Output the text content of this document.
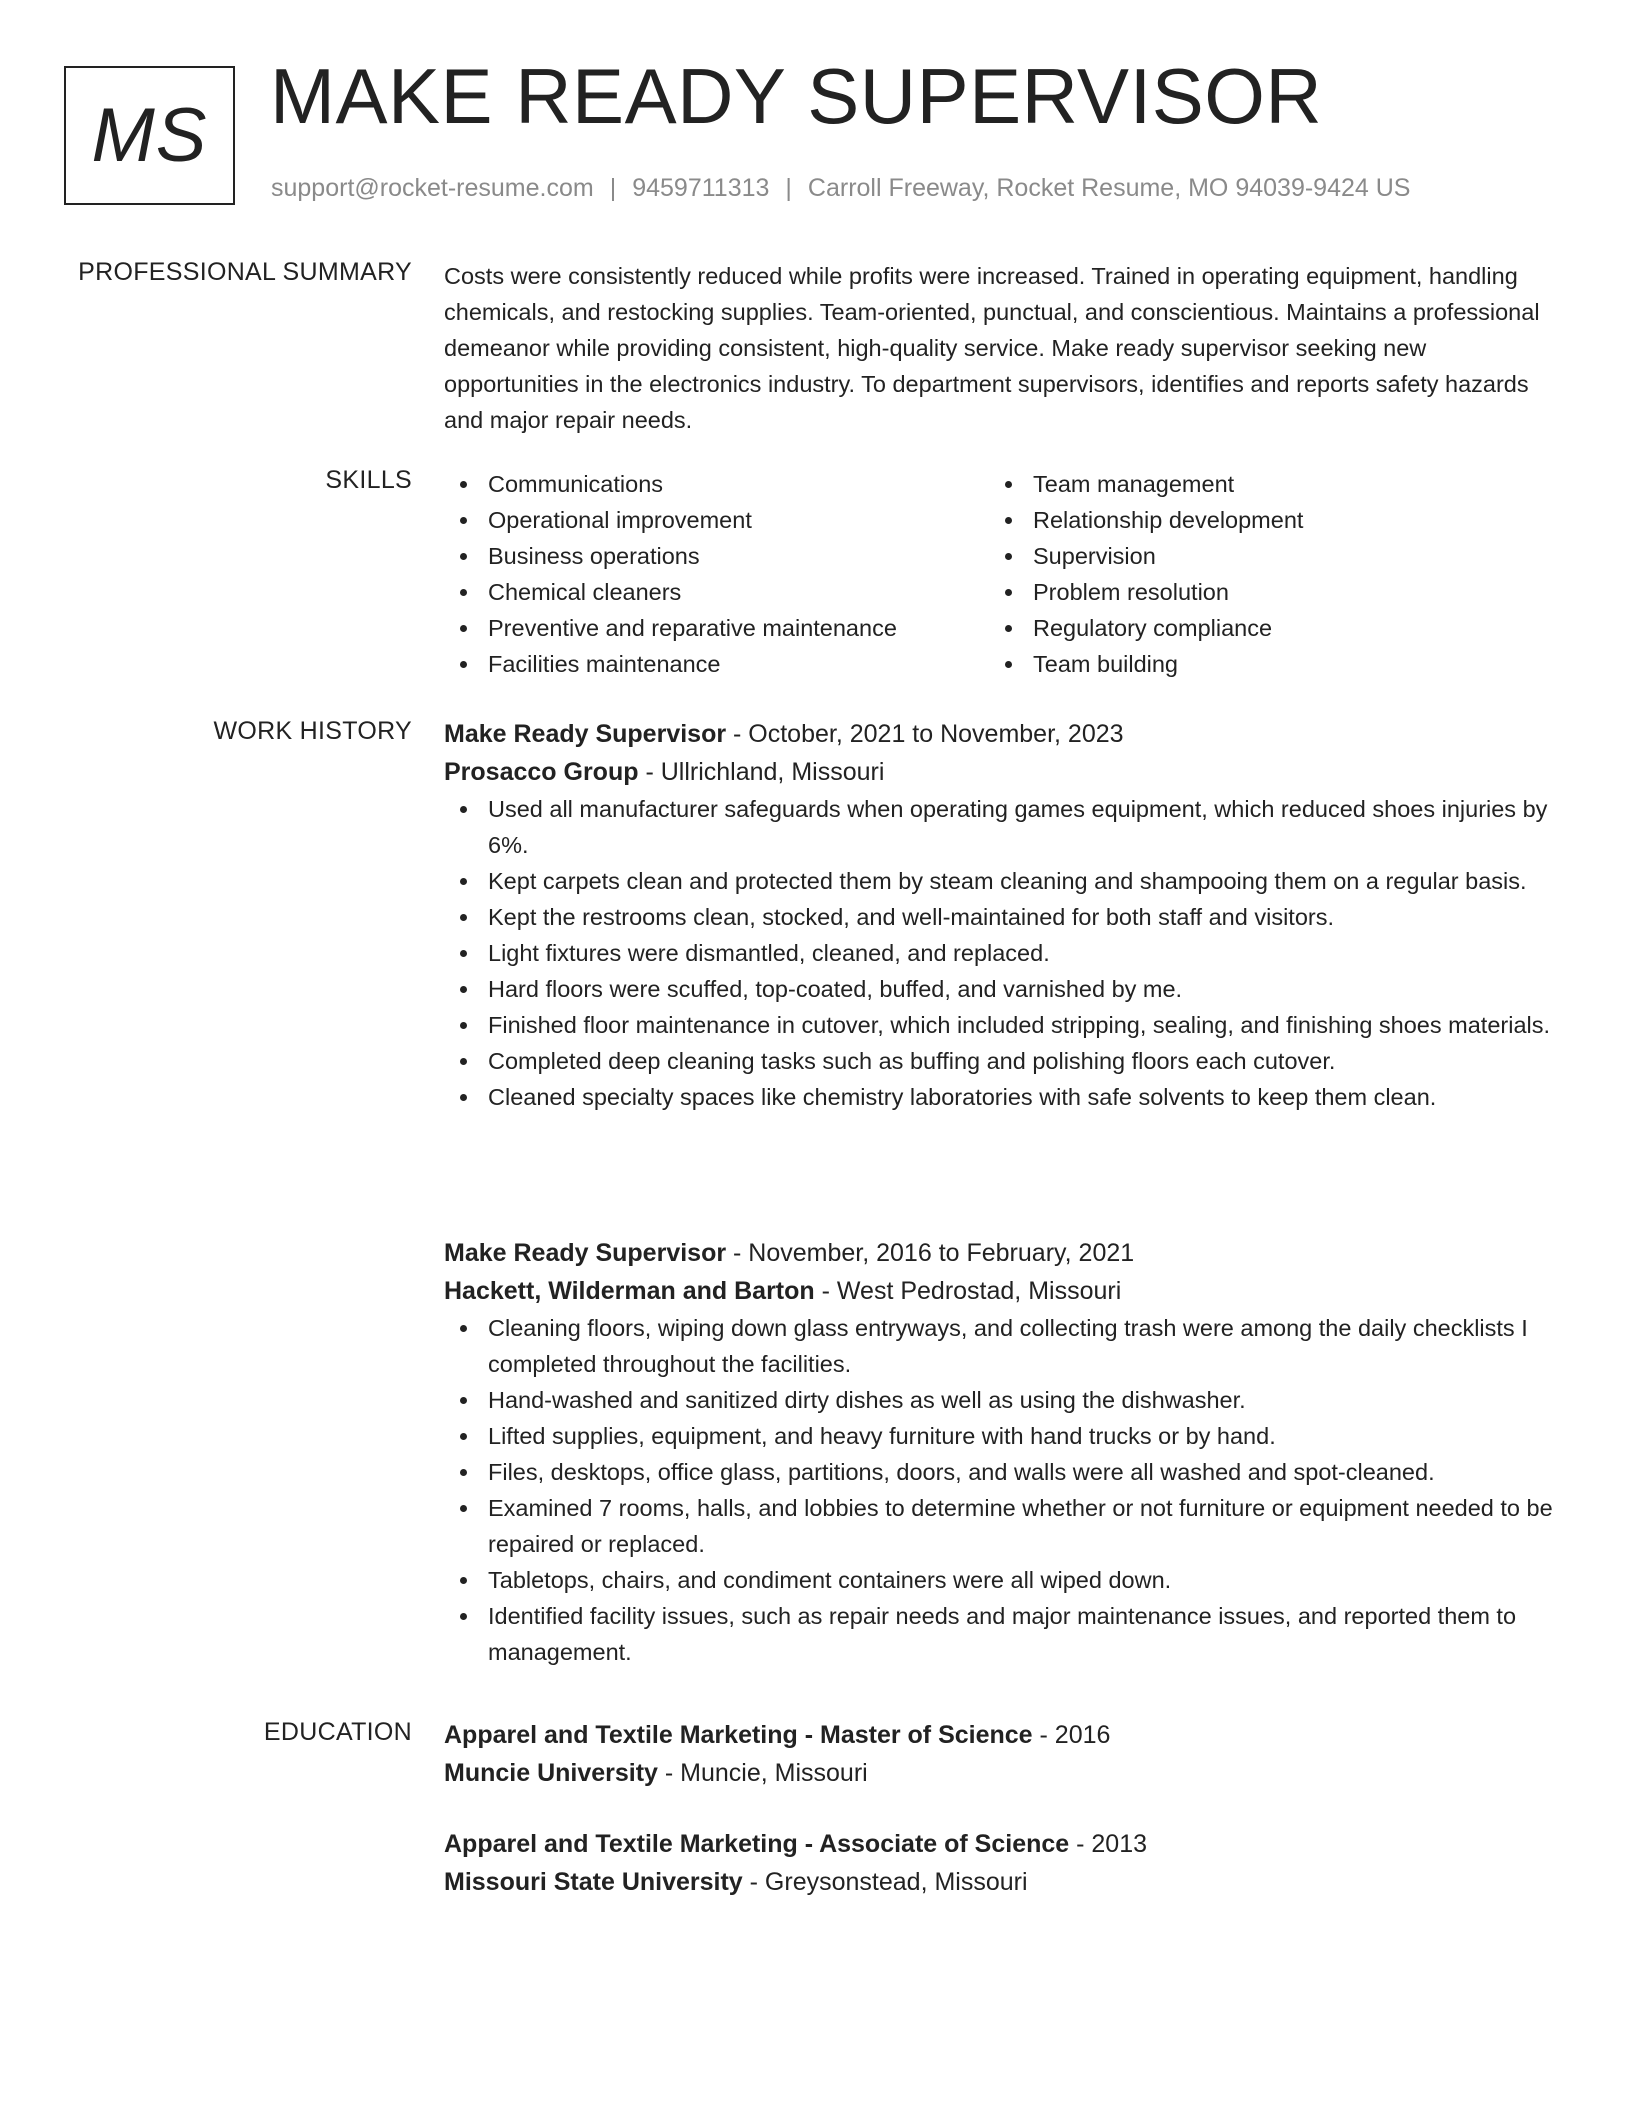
MS MAKE READY SUPERVISOR
support@rocket-resume.com | 9459711313 | Carroll Freeway, Rocket Resume, MO 94039-9424 US
PROFESSIONAL SUMMARY Costs were consistently reduced while profits were increased. Trained in operating equipment, handling chemicals, and restocking supplies. Team-oriented, punctual, and conscientious. Maintains a professional demeanor while providing consistent, high-quality service. Make ready supervisor seeking new opportunities in the electronics industry. To department supervisors, identifies and reports safety hazards and major repair needs.
SKILLS	Communications
Operational improvement
Business operations
Chemical cleaners
Preventive and reparative maintenance
Facilities maintenance
Team management
Relationship development
Supervision
Problem resolution
Regulatory compliance
Team building
WORK HISTORY Make Ready Supervisor - October, 2021 to November, 2023
Prosacco Group - Ullrichland, Missouri
Used all manufacturer safeguards when operating games equipment, which reduced shoes injuries by 6%.
Kept carpets clean and protected them by steam cleaning and shampooing them on a regular basis.
Kept the restrooms clean, stocked, and well-maintained for both staff and visitors.
Light fixtures were dismantled, cleaned, and replaced.
Hard floors were scuffed, top-coated, buffed, and varnished by me.
Finished floor maintenance in cutover, which included stripping, sealing, and finishing shoes materials.
Completed deep cleaning tasks such as buffing and polishing floors each cutover.
Cleaned specialty spaces like chemistry laboratories with safe solvents to keep them clean.
Make Ready Supervisor - November, 2016 to February, 2021
Hackett, Wilderman and Barton - West Pedrostad, Missouri
Cleaning floors, wiping down glass entryways, and collecting trash were among the daily checklists I completed throughout the facilities.
Hand-washed and sanitized dirty dishes as well as using the dishwasher.
Lifted supplies, equipment, and heavy furniture with hand trucks or by hand.
Files, desktops, office glass, partitions, doors, and walls were all washed and spot-cleaned.
Examined 7 rooms, halls, and lobbies to determine whether or not furniture or equipment needed to be repaired or replaced.
Tabletops, chairs, and condiment containers were all wiped down.
Identified facility issues, such as repair needs and major maintenance issues, and reported them to management.
EDUCATION Apparel and Textile Marketing - Master of Science - 2016
Muncie University - Muncie, Missouri
Apparel and Textile Marketing - Associate of Science - 2013
Missouri State University - Greysonstead, Missouri
